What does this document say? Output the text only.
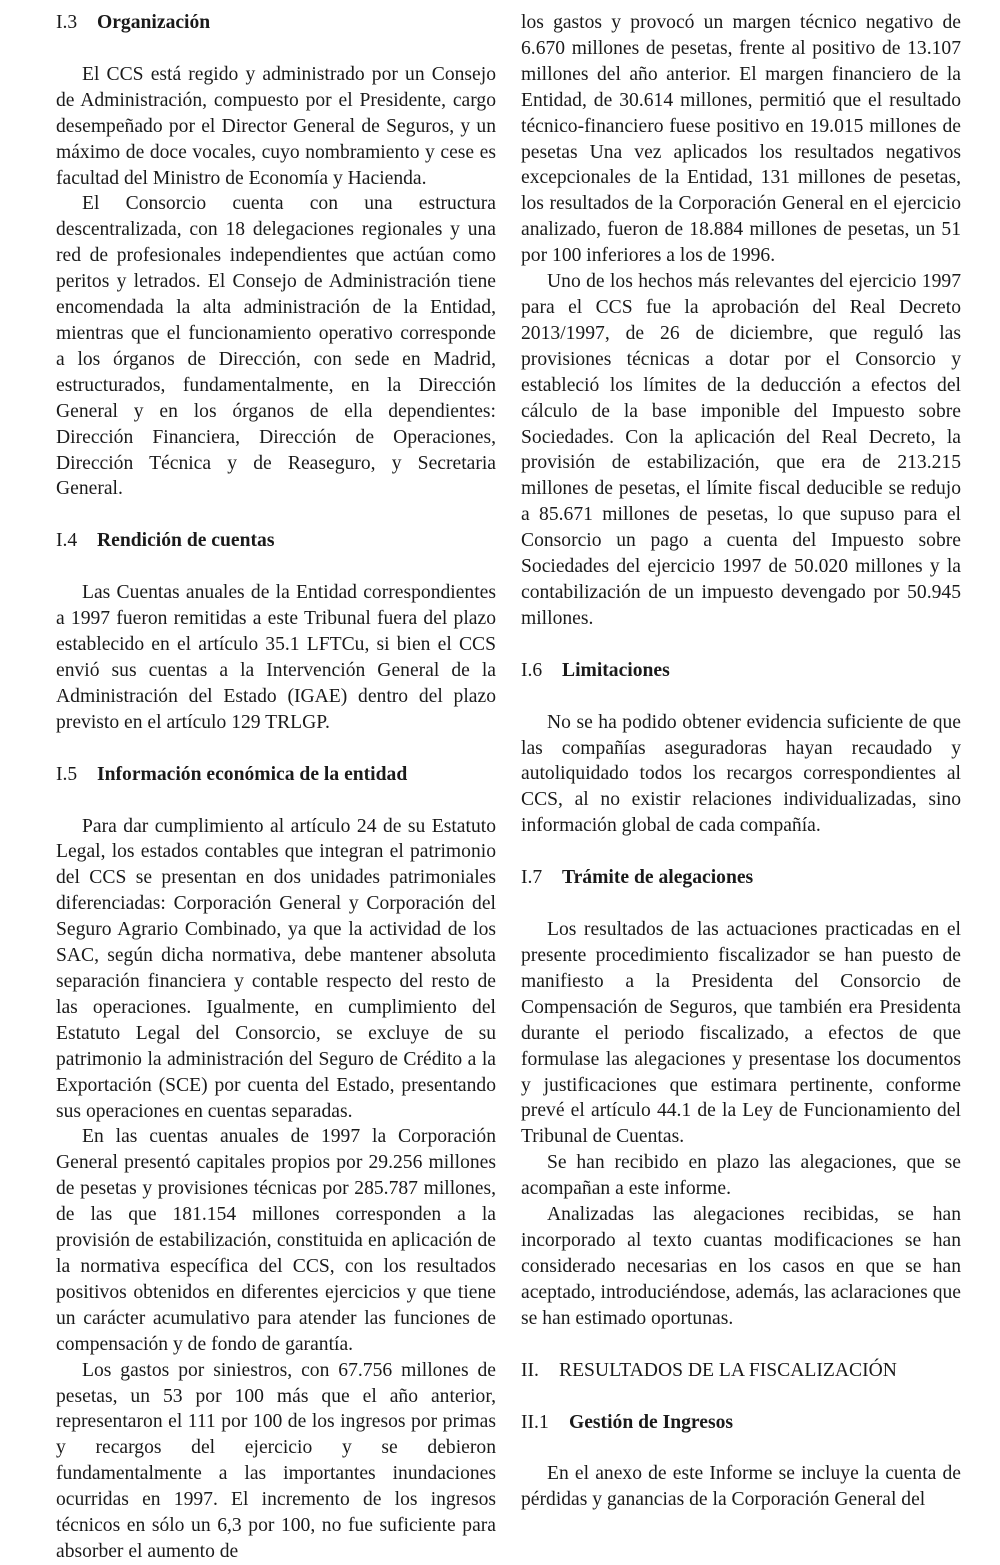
I.3 Organización

El CCS está regido y administrado por un Consejo de Administración, compuesto por el Presidente, cargo desempeñado por el Director General de Seguros, y un máximo de doce vocales, cuyo nombramiento y cese es facultad del Ministro de Economía y Hacienda.

El Consorcio cuenta con una estructura descentralizada, con 18 delegaciones regionales y una red de profesionales independientes que actúan como peritos y letrados. El Consejo de Administración tiene encomendada la alta administración de la Entidad, mientras que el funcionamiento operativo corresponde a los órganos de Dirección, con sede en Madrid, estructurados, fundamentalmente, en la Dirección General y en los órganos de ella dependientes: Dirección Financiera, Dirección de Operaciones, Dirección Técnica y de Reaseguro, y Secretaria General.

I.4 Rendición de cuentas

Las Cuentas anuales de la Entidad correspondientes a 1997 fueron remitidas a este Tribunal fuera del plazo establecido en el artículo 35.1 LFTCu, si bien el CCS envió sus cuentas a la Intervención General de la Administración del Estado (IGAE) dentro del plazo previsto en el artículo 129 TRLGP.

I.5 Información económica de la entidad

Para dar cumplimiento al artículo 24 de su Estatuto Legal, los estados contables que integran el patrimonio del CCS se presentan en dos unidades patrimoniales diferenciadas: Corporación General y Corporación del Seguro Agrario Combinado, ya que la actividad de los SAC, según dicha normativa, debe mantener absoluta separación financiera y contable respecto del resto de las operaciones. Igualmente, en cumplimiento del Estatuto Legal del Consorcio, se excluye de su patrimonio la administración del Seguro de Crédito a la Exportación (SCE) por cuenta del Estado, presentando sus operaciones en cuentas separadas.

En las cuentas anuales de 1997 la Corporación General presentó capitales propios por 29.256 millones de pesetas y provisiones técnicas por 285.787 millones, de las que 181.154 millones corresponden a la provisión de estabilización, constituida en aplicación de la normativa específica del CCS, con los resultados positivos obtenidos en diferentes ejercicios y que tiene un carácter acumulativo para atender las funciones de compensación y de fondo de garantía.

Los gastos por siniestros, con 67.756 millones de pesetas, un 53 por 100 más que el año anterior, representaron el 111 por 100 de los ingresos por primas y recargos del ejercicio y se debieron fundamentalmente a las importantes inundaciones ocurridas en 1997. El incremento de los ingresos técnicos en sólo un 6,3 por 100, no fue suficiente para absorber el aumento de

los gastos y provocó un margen técnico negativo de 6.670 millones de pesetas, frente al positivo de 13.107 millones del año anterior. El margen financiero de la Entidad, de 30.614 millones, permitió que el resultado técnico-financiero fuese positivo en 19.015 millones de pesetas Una vez aplicados los resultados negativos excepcionales de la Entidad, 131 millones de pesetas, los resultados de la Corporación General en el ejercicio analizado, fueron de 18.884 millones de pesetas, un 51 por 100 inferiores a los de 1996.

Uno de los hechos más relevantes del ejercicio 1997 para el CCS fue la aprobación del Real Decreto 2013/1997, de 26 de diciembre, que reguló las provisiones técnicas a dotar por el Consorcio y estableció los límites de la deducción a efectos del cálculo de la base imponible del Impuesto sobre Sociedades. Con la aplicación del Real Decreto, la provisión de estabilización, que era de 213.215 millones de pesetas, el límite fiscal deducible se redujo a 85.671 millones de pesetas, lo que supuso para el Consorcio un pago a cuenta del Impuesto sobre Sociedades del ejercicio 1997 de 50.020 millones y la contabilización de un impuesto devengado por 50.945 millones.

I.6 Limitaciones

No se ha podido obtener evidencia suficiente de que las compañías aseguradoras hayan recaudado y autoliquidado todos los recargos correspondientes al CCS, al no existir relaciones individualizadas, sino información global de cada compañía.

I.7 Trámite de alegaciones

Los resultados de las actuaciones practicadas en el presente procedimiento fiscalizador se han puesto de manifiesto a la Presidenta del Consorcio de Compensación de Seguros, que también era Presidenta durante el periodo fiscalizado, a efectos de que formulase las alegaciones y presentase los documentos y justificaciones que estimara pertinente, conforme prevé el artículo 44.1 de la Ley de Funcionamiento del Tribunal de Cuentas.

Se han recibido en plazo las alegaciones, que se acompañan a este informe.

Analizadas las alegaciones recibidas, se han incorporado al texto cuantas modificaciones se han considerado necesarias en los casos en que se han aceptado, introduciéndose, además, las aclaraciones que se han estimado oportunas.

II. RESULTADOS DE LA FISCALIZACIÓN
II.1 Gestión de Ingresos

En el anexo de este Informe se incluye la cuenta de pérdidas y ganancias de la Corporación General del
